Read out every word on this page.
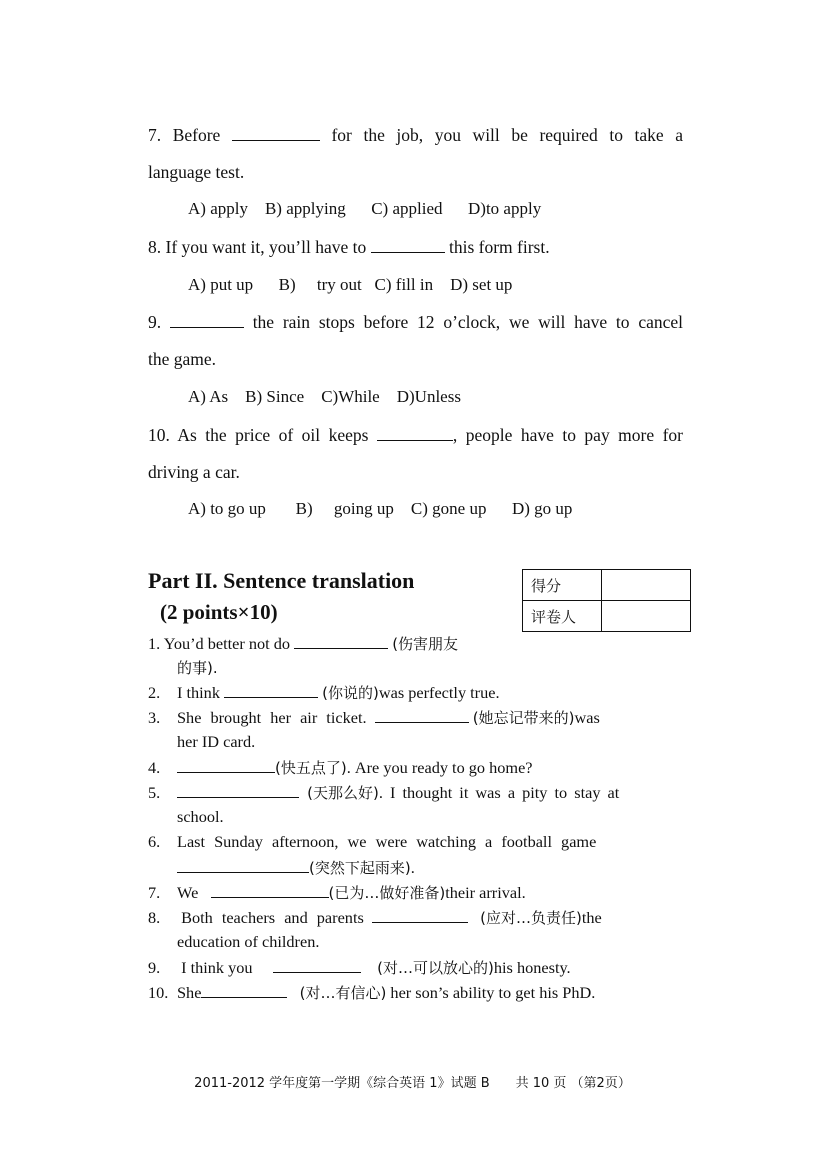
7. Before	for the job, you will be required to take a
language test.
A) apply B) applying C) applied D)to apply
8. If you want it, you’ll have to	this form first.
A) put up B) try out C) fill in D) set up
9.	the rain stops before 12 o’clock, we will have to cancel
the game.
A) As B) Since C)While D)Unless
10. As the price of oil keeps	, people have to pay more for
driving a car.
A) to go up B) going up C) gone up D) go up
Part II. Sentence translation
(2 points×10)
得分	
评卷人	
1. You’d better not do	(伤害朋友
的事).
2. I think	(你说的)was perfectly true.
3. She brought her air ticket.	(她忘记带来的)was
her ID card.
4.	(快五点了). Are you ready to go home?
5.	(天那么好). I thought it was a pity to stay at
school.
6. Last Sunday afternoon, we were watching a football game
(突然下起雨来).
7. We	(已为…做好准备)their arrival.
8. Both teachers and parents	(应对…负责任)the
education of children.
9. I think you	(对…可以放心的)his honesty.
10. She	(对…有信心) her son’s ability to get his PhD.
2011-2012 学年度第一学期《综合英语 1》试题 B　　共 10 页 （第2页）
